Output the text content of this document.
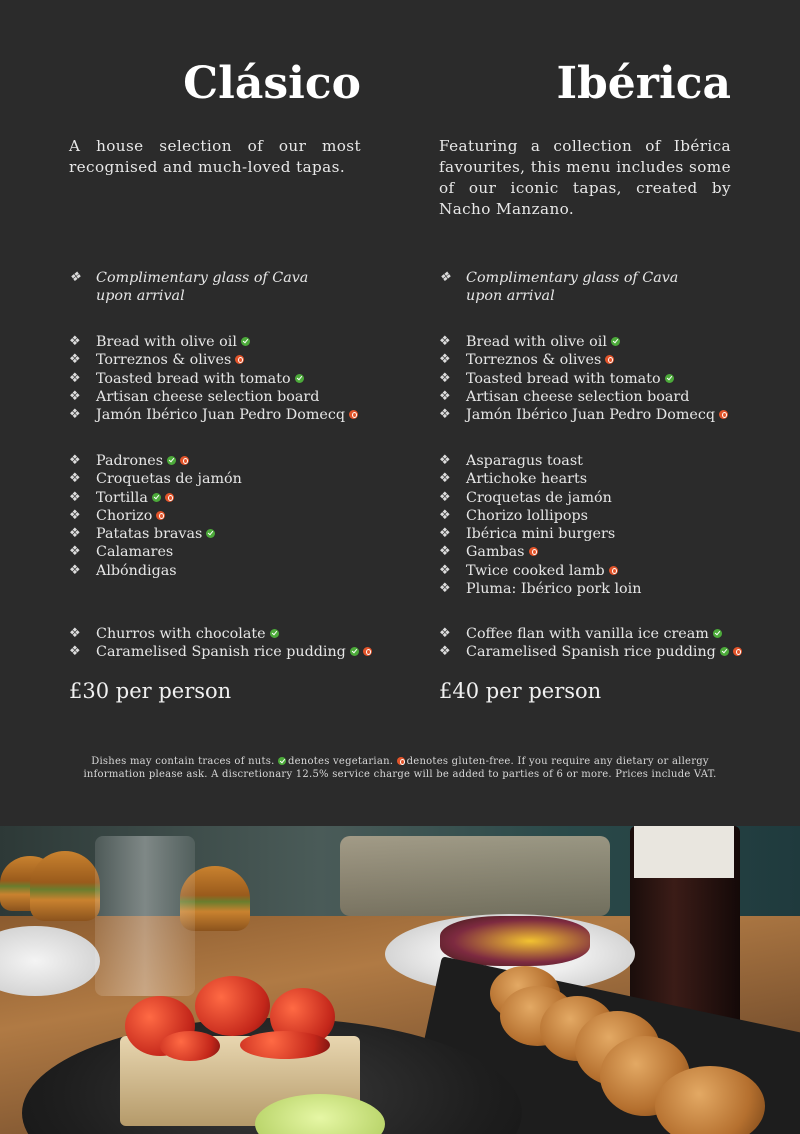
Clásico

A house selection of our most recognised and much-loved tapas.

❖ Complimentary glass of Cava upon arrival
❖ Bread with olive oil
❖ Torreznos & olives
❖ Toasted bread with tomato
❖ Artisan cheese selection board
❖ Jamón Ibérico Juan Pedro Domecq
❖ Padrones
❖ Croquetas de jamón
❖ Tortilla
❖ Chorizo
❖ Patatas bravas
❖ Calamares
❖ Albóndigas
❖ Churros with chocolate
❖ Caramelised Spanish rice pudding

£30 per person

Ibérica

Featuring a collection of Ibérica favourites, this menu includes some of our iconic tapas, created by Nacho Manzano.

❖ Complimentary glass of Cava upon arrival
❖ Bread with olive oil
❖ Torreznos & olives
❖ Toasted bread with tomato
❖ Artisan cheese selection board
❖ Jamón Ibérico Juan Pedro Domecq
❖ Asparagus toast
❖ Artichoke hearts
❖ Croquetas de jamón
❖ Chorizo lollipops
❖ Ibérica mini burgers
❖ Gambas
❖ Twice cooked lamb
❖ Pluma: Ibérico pork loin
❖ Coffee flan with vanilla ice cream
❖ Caramelised Spanish rice pudding

£40 per person

Dishes may contain traces of nuts. denotes vegetarian. denotes gluten-free. If you require any dietary or allergy information please ask. A discretionary 12.5% service charge will be added to parties of 6 or more. Prices include VAT.
